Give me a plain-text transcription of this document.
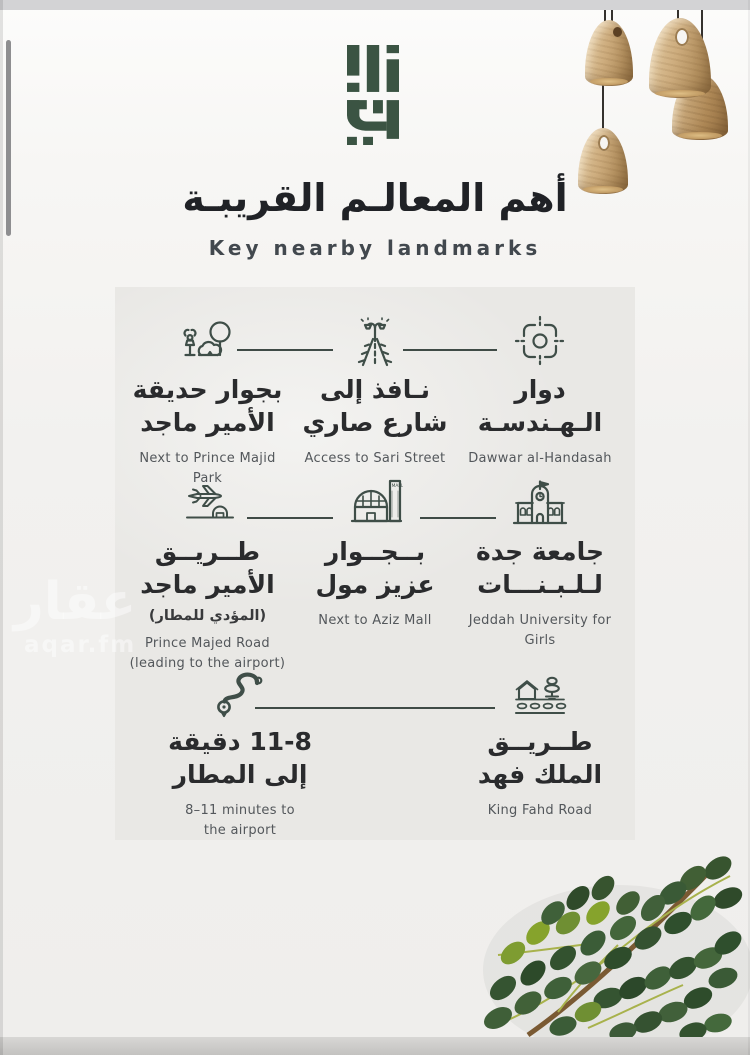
أهم المعالـم القريبـة
Key nearby landmarks
دوار
الـهـندسـة
Dawwar al-Handasah
نـافذ إلى
شارع صاري
Access to Sari Street
بجوار حديقة
الأمير ماجد
Next to Prince Majid Park
جامعة جدة
لـلـبـنـــات
Jeddah University for Girls
MALL
بــجــوار
عزيز مول
Next to Aziz Mall
طــريــق
الأمير ماجد
(المؤدي للمطار)
Prince Majed Road
(leading to the airport)
طــريــق
الملك فهد
King Fahd Road
11-8 دقيقة
إلى المطار
8–11 minutes to
the airport
عقار
aqar.fm
